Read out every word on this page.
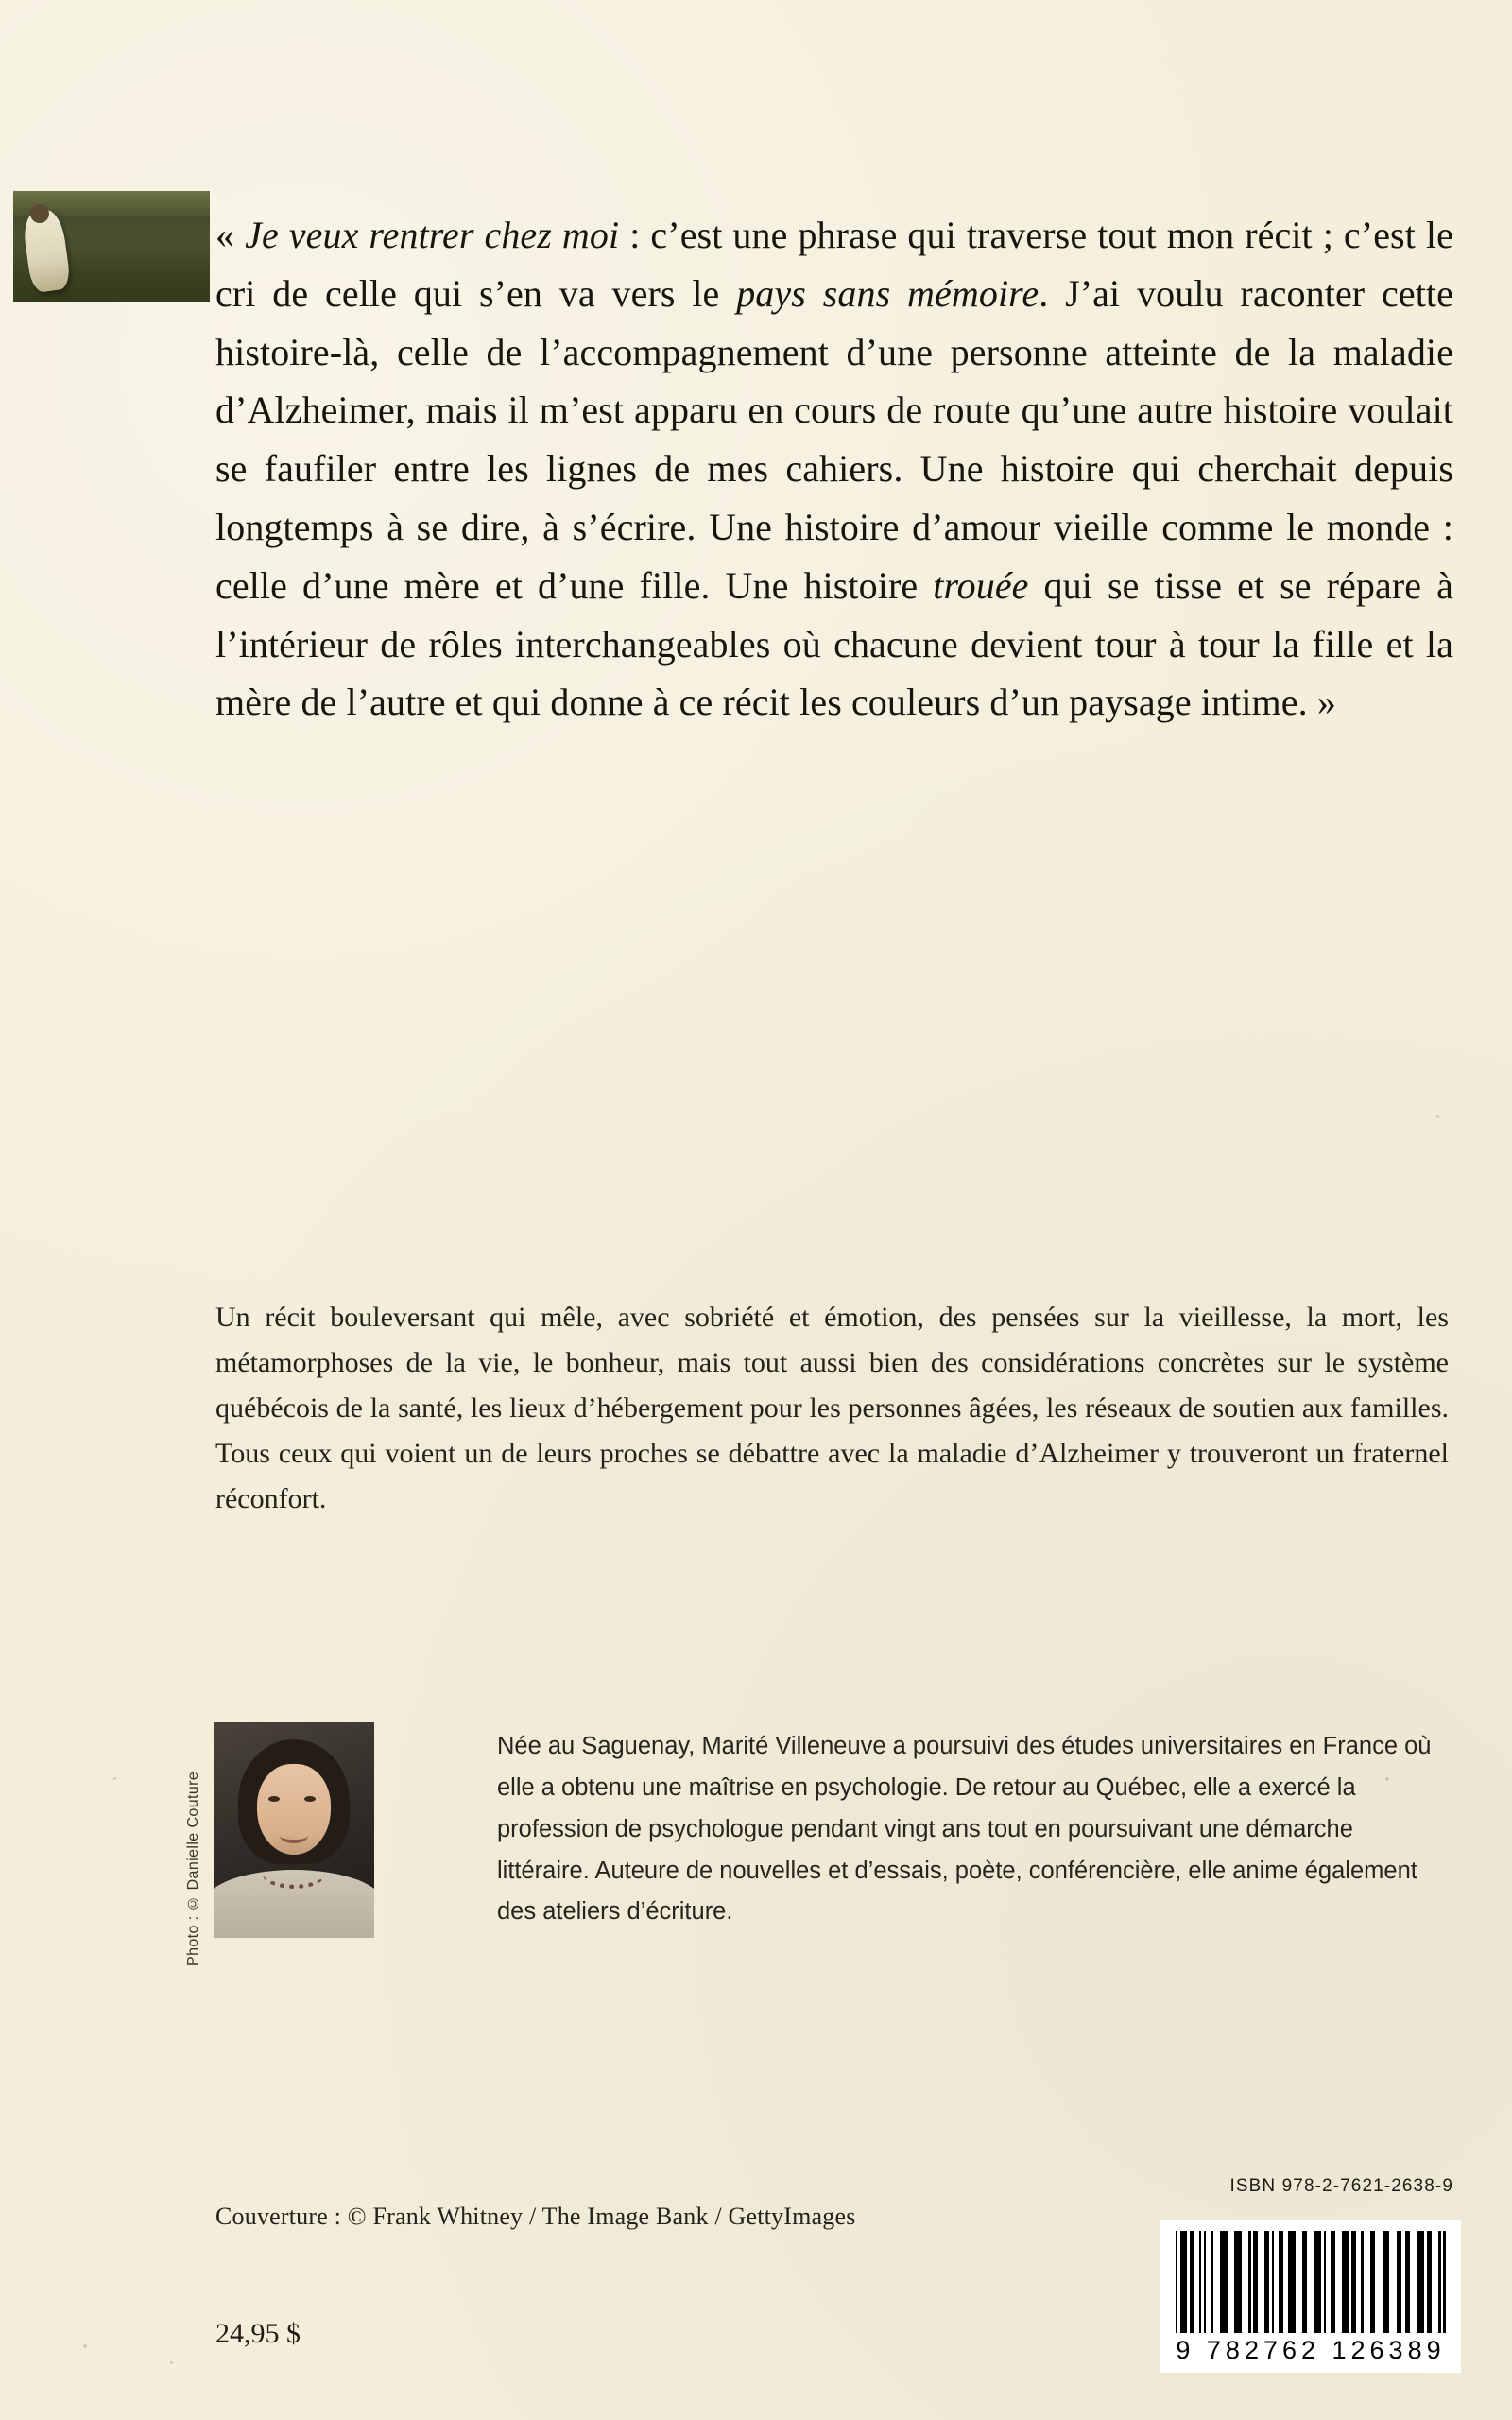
« Je veux rentrer chez moi : c’est une phrase qui traverse tout mon récit ; c’est le cri de celle qui s’en va vers le pays sans mémoire. J’ai voulu raconter cette histoire-là, celle de l’accompagnement d’une personne atteinte de la maladie d’Alzheimer, mais il m’est apparu en cours de route qu’une autre histoire voulait se faufiler entre les lignes de mes cahiers. Une histoire qui cherchait depuis longtemps à se dire, à s’écrire. Une histoire d’amour vieille comme le monde : celle d’une mère et d’une fille. Une histoire trouée qui se tisse et se répare à l’intérieur de rôles interchangeables où chacune devient tour à tour la fille et la mère de l’autre et qui donne à ce récit les couleurs d’un paysage intime. »
Un récit bouleversant qui mêle, avec sobriété et émotion, des pensées sur la vieillesse, la mort, les métamorphoses de la vie, le bonheur, mais tout aussi bien des considérations concrètes sur le système québécois de la santé, les lieux d’hébergement pour les personnes âgées, les réseaux de soutien aux familles. Tous ceux qui voient un de leurs proches se débattre avec la maladie d’Alzheimer y trouveront un fraternel réconfort.
Photo : © Danielle Couture
Née au Saguenay, Marité Villeneuve a poursuivi des études universitaires en France où elle a obtenu une maîtrise en psychologie. De retour au Québec, elle a exercé la profession de psychologue pendant vingt ans tout en poursuivant une démarche littéraire. Auteure de nouvelles et d’essais, poète, conférencière, elle anime également des ateliers d’écriture.
Couverture : © Frank Whitney / The Image Bank / GettyImages
24,95 $
ISBN 978-2-7621-2638-9
9 782762 126389
